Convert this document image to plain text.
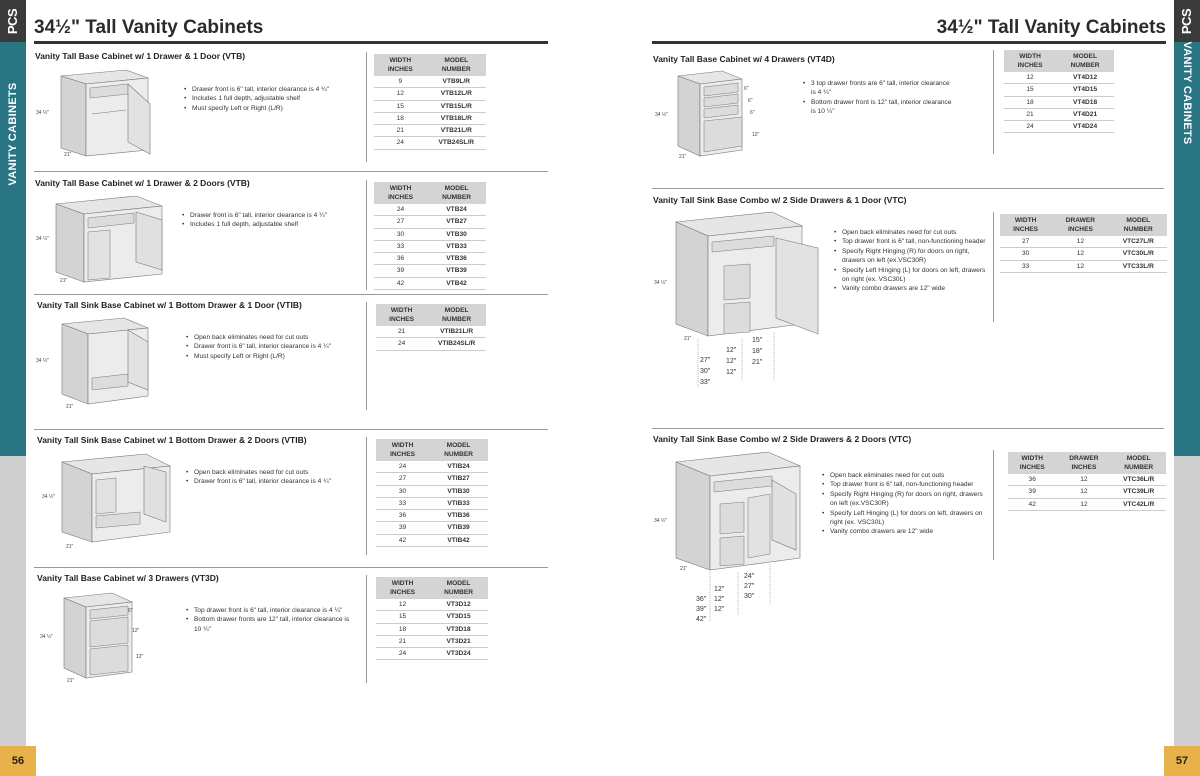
PCS
VANITY CABINETS
56
PCS
VANITY CABINETS
57
34½" Tall Vanity Cabinets	34½" Tall Vanity Cabinets
Vanity Tall Base Cabinet w/ 1 Drawer & 1 Door (VTB)
34 ½"
21"
• Drawer front is 6" tall, interior clearance is 4 ¼"
• Includes 1 full depth, adjustable shelf
• Must specify Left or Right (L/R)
WIDTH INCHES	MODEL NUMBER
9	VTB9L/R
12	VTB12L/R
15	VTB15L/R
18	VTB18L/R
21	VTB21L/R
24	VTB24SL/R
Vanity Tall Base Cabinet w/ 1 Drawer & 2 Doors (VTB)
34 ½"
21"
• Drawer front is 6" tall, interior clearance is 4 ¼"
• Includes 1 full depth, adjustable shelf
WIDTH INCHES	MODEL NUMBER
24	VTB24
27	VTB27
30	VTB30
33	VTB33
36	VTB36
39	VTB39
42	VTB42
Vanity Tall Sink Base Cabinet w/ 1 Bottom Drawer & 1 Door (VTIB)
34 ½"
21"
• Open back eliminates need for cut outs
• Drawer front is 6" tall, interior clearance is 4 ¼"
• Must specify Left or Right (L/R)
WIDTH INCHES	MODEL NUMBER
21	VTIB21L/R
24	VTIB24SL/R
Vanity Tall Sink Base Cabinet w/ 1 Bottom Drawer & 2 Doors (VTIB)
34 ½"
21"
• Open back eliminates need for cut outs
• Drawer front is 6" tall, interior clearance is 4 ¼"
WIDTH INCHES	MODEL NUMBER
24	VTIB24
27	VTIB27
30	VTIB30
33	VTIB33
36	VTIB36
39	VTIB39
42	VTIB42
Vanity Tall Base Cabinet w/ 3 Drawers (VT3D)
6"
12"
12"
34 ½"
21"
• Top drawer front is 6" tall, interior clearance is 4 ¼"
• Bottom drawer fronts are 12" tall, interior clearance is 10 ¼"
WIDTH INCHES	MODEL NUMBER
12	VT3D12
15	VT3D15
18	VT3D18
21	VT3D21
24	VT3D24
Vanity Tall Base Cabinet w/ 4 Drawers (VT4D)
6"
6"
6"
12"
34 ½"
21"
• 3 top drawer fronts are 6" tall, interior clearance is 4 ¼"
• Bottom drawer front is 12" tall, interior clearance is 10 ¼"
WIDTH INCHES	MODEL NUMBER
12	VT4D12
15	VT4D15
18	VT4D18
21	VT4D21
24	VT4D24
Vanity Tall Sink Base Combo w/ 2 Side Drawers & 1 Door (VTC)
34 ½"
21"
27"
30"
33"
12"
12"
12"
15"
18"
21"
• Open back eliminates need for cut outs
• Top drawer front is 6" tall, non-functioning header
• Specify Right Hinging (R) for doors on right, drawers on left (ex.VSC30R)
• Specify Left Hinging (L) for doors on left, drawers on right (ex. VSC30L)
• Vanity combo drawers are 12" wide
WIDTH INCHES	DRAWER INCHES	MODEL NUMBER
27	12	VTC27L/R
30	12	VTC30L/R
33	12	VTC33L/R
Vanity Tall Sink Base Combo w/ 2 Side Drawers & 2 Doors (VTC)
34 ½"
21"
36"
39"
42"
12"
12"
12"
24"
27"
30"
• Open back eliminates need for cut outs
• Top drawer front is 6" tall, non-functioning header
• Specify Right Hinging (R) for doors on right, drawers on left (ex.VSC30R)
• Specify Left Hinging (L) for doors on left, drawers on right (ex. VSC30L)
• Vanity combo drawers are 12" wide
WIDTH INCHES	DRAWER INCHES	MODEL NUMBER
36	12	VTC36L/R
39	12	VTC39L/R
42	12	VTC42L/R
